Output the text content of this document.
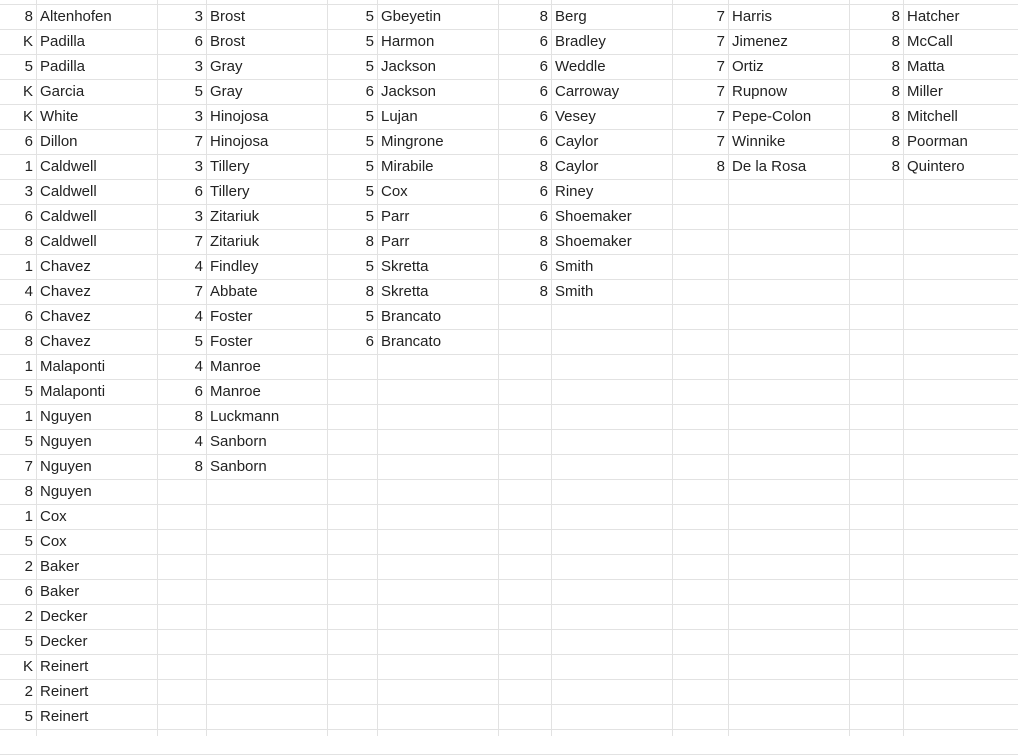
8 Altenhofen
K Padilla
5 Padilla
K Garcia
K White
6 Dillon
1 Caldwell
3 Caldwell
6 Caldwell
8 Caldwell
1 Chavez
4 Chavez
6 Chavez
8 Chavez
1 Malaponti
5 Malaponti
1 Nguyen
5 Nguyen
7 Nguyen
8 Nguyen
1 Cox
5 Cox
2 Baker
6 Baker
2 Decker
5 Decker
K Reinert
2 Reinert
5 Reinert
3 Brost
6 Brost
3 Gray
5 Gray
3 Hinojosa
7 Hinojosa
3 Tillery
6 Tillery
3 Zitariuk
7 Zitariuk
4 Findley
7 Abbate
4 Foster
5 Foster
4 Manroe
6 Manroe
8 Luckmann
4 Sanborn
8 Sanborn
5 Gbeyetin
5 Harmon
5 Jackson
6 Jackson
5 Lujan
5 Mingrone
5 Mirabile
5 Cox
5 Parr
8 Parr
5 Skretta
8 Skretta
5 Brancato
6 Brancato
8 Berg
6 Bradley
6 Weddle
6 Carroway
6 Vesey
6 Caylor
8 Caylor
6 Riney
6 Shoemaker
8 Shoemaker
6 Smith
8 Smith
7 Harris
7 Jimenez
7 Ortiz
7 Rupnow
7 Pepe-Colon
7 Winnike
8 De la Rosa
8 Hatcher
8 McCall
8 Matta
8 Miller
8 Mitchell
8 Poorman
8 Quintero
